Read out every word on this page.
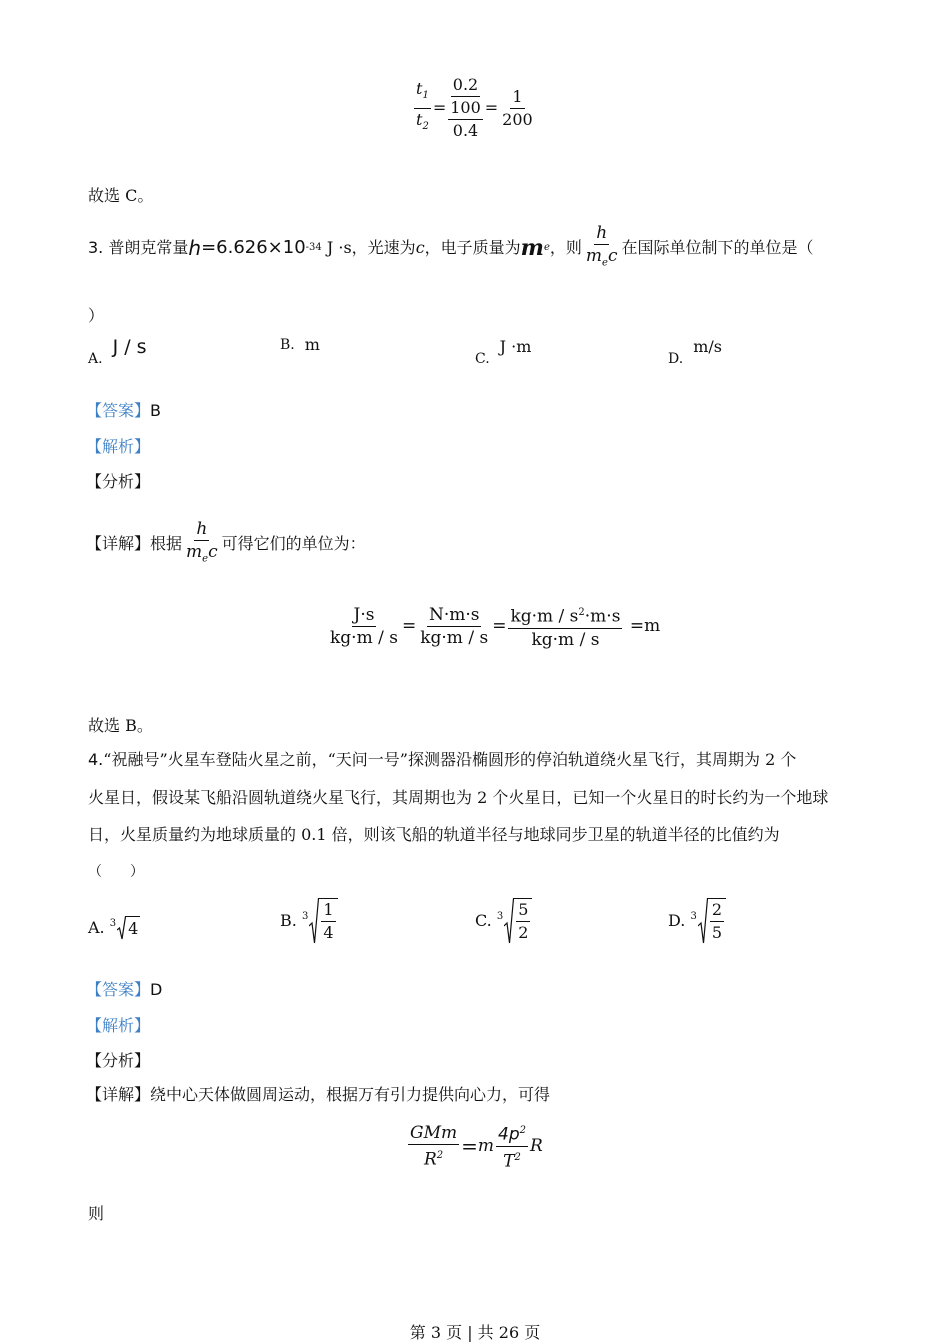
$\frac{t_1}{t_2}$ =
0.2
100
0.4
= $\frac{1}{200}$
故选 C。
3.
普朗克常量 h =6.626×10 -34
J ·s ，光速为 c ，电子质量为 m e ，则 $\frac{h}{m_ec}$ 在国际单位制下的单位是（
）
A.
J / s	B. m
C.
J ·m
D.
m/s
【答案】B
【解析】
【分析】
【详解】 根据 $\frac{h}{m_ec}$ 可得它们的单位为：
$\frac{J\cdot s}{kg\cdot m / s} = \frac{N\cdot m\cdot s}{kg\cdot m / s} = \frac{kg\cdot m / s^2\cdot m\cdot s}{kg\cdot m / s}$
=m
故选 B。
4.“祝融号”火星车登陆火星之前，“天问一号”探测器沿椭圆形的停泊轨道绕火星飞行，其周期为 2 个
火星日，假设某飞船沿圆轨道绕火星飞行，其周期也为 2 个火星日，已知一个火星日的时长约为一个地球
日，火星质量约为地球质量的 0.1 倍，则该飞船的轨道半径与地球同步卫星的轨道半径的比值约为
（　　）
A.
3 4	B.
$3 \frac{1}{4}$	C.
$3 \frac{5}{2}$	D.
$3 \frac{2}{5}$
【答案】D
【解析】
【分析】
【详解】绕中心天体做圆周运动，根据万有引力提供向心力，可得
$\frac{\text{GMm}}{R^2} = m \frac{4p^2}{T^2}$ R
则
第 3 页 | 共 26 页
